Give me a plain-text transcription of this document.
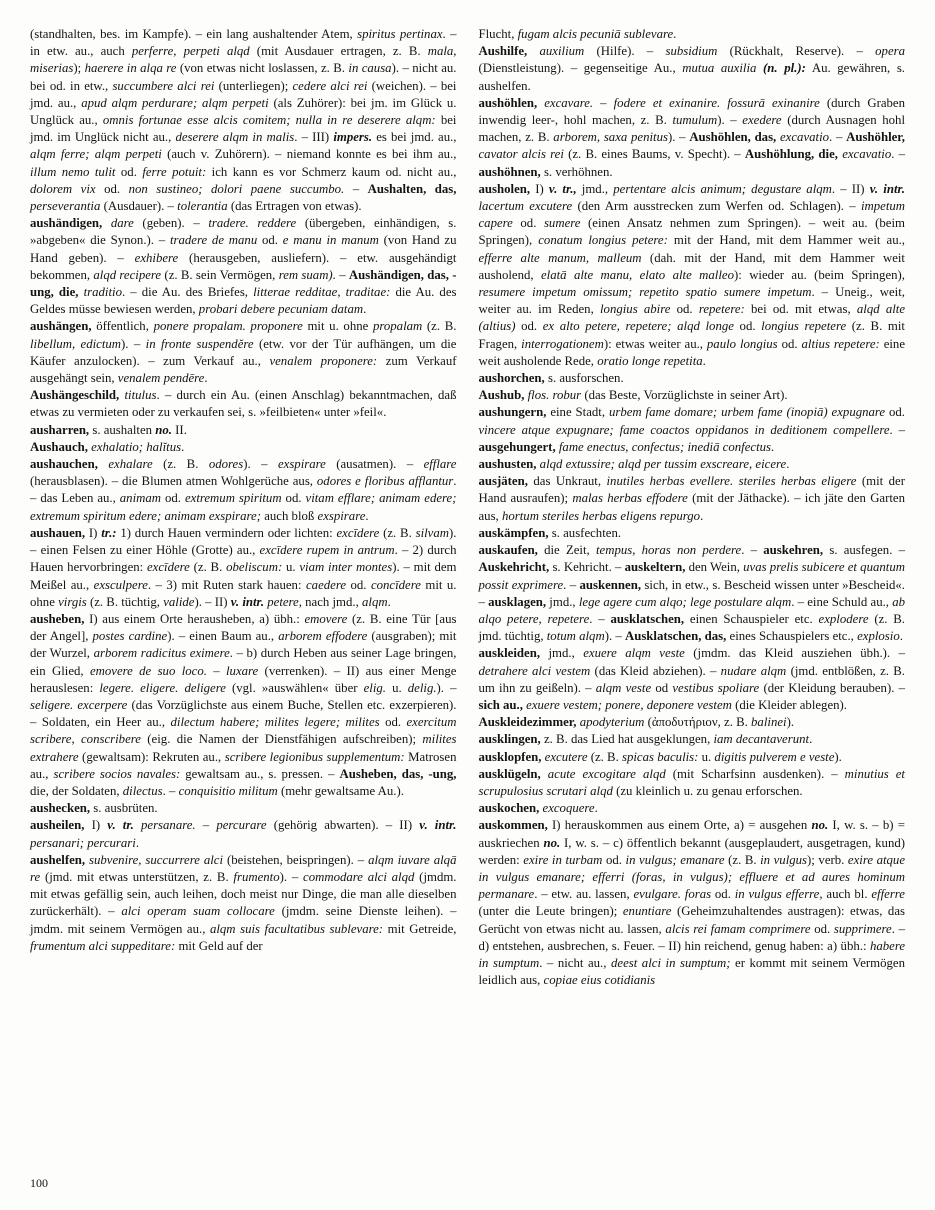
(standhalten, bes. im Kampfe). – ein lang aushaltender Atem, spiritus pertinax. – in etw. au., auch perferre, perpeti alqd (mit Ausdauer ertragen, z. B. mala, miserias); haerere in alqa re (von etwas nicht loslassen, z. B. in causa). – nicht au. bei od. in etw., succumbere alci rei (unterliegen); cedere alci rei (weichen). – bei jmd. au., apud alqm perdurare; alqm perpeti (als Zuhörer): bei jm. im Glück u. Unglück au., omnis fortunae esse alcis comitem; nulla in re deserere alqm: bei jmd. im Unglück nicht au., deserere alqm in malis. – III) impers. es bei jmd. au., alqm ferre; alqm perpeti (auch v. Zuhörern). – niemand konnte es bei ihm au., illum nemo tulit od. ferre potuit: ich kann es vor Schmerz kaum od. nicht au., dolorem vix od. non sustineo; dolori paene succumbo. – Aushalten, das, perseverantia (Ausdauer). – tolerantia (das Ertragen von etwas).

aushändigen, dare (geben). – tradere. reddere (übergeben, einhändigen, s. »abgeben« die Synon.). – tradere de manu od. e manu in manum (von Hand zu Hand geben). – exhibere (herausgeben, ausliefern). – etw. ausgehändigt bekommen, alqd recipere (z. B. sein Vermögen, rem suam). – Aushändigen, das, -ung, die, traditio. – die Au. des Briefes, litterae redditae, traditae: die Au. des Geldes müsse bewiesen werden, probari debere pecuniam datam.

aushängen, öffentlich, ponere propalam. proponere mit u. ohne propalam (z. B. libellum, edictum). – in fronte suspendĕre (etw. vor der Tür aufhängen, um die Käufer anzulocken). – zum Verkauf au., venalem proponere: zum Verkauf ausgehängt sein, venalem pendēre.

Aushängeschild, titulus. – durch ein Au. (einen Anschlag) bekanntmachen, daß etwas zu vermieten oder zu verkaufen sei, s. »feilbieten« unter »feil«.

ausharren, s. aushalten no. II.

Aushauch, exhalatio; halĭtus.

aushauchen, exhalare (z. B. odores). – exspirare (ausatmen). – efflare (herausblasen). – die Blumen atmen Wohlgerüche aus, odores e floribus afflantur. – das Leben au., animam od. extremum spiritum od. vitam efflare; animam edere; extremum spiritum edere; animam exspirare; auch bloß exspirare.

aushauen, I) tr.: 1) durch Hauen vermindern oder lichten: excīdere (z. B. silvam). – einen Felsen zu einer Höhle (Grotte) au., excīdere rupem in antrum. – 2) durch Hauen hervorbringen: excīdere (z. B. obeliscum: u. viam inter montes). – mit dem Meißel au., exsculpere. – 3) mit Ruten stark hauen: caedere od. concīdere mit u. ohne virgis (z. B. tüchtig, valide). – II) v. intr. petere, nach jmd., alqm.

ausheben, I) aus einem Orte herausheben, a) übh.: emovere (z. B. eine Tür [aus der Angel], postes cardine). – einen Baum au., arborem effodere (ausgraben); mit der Wurzel, arborem radicitus eximere. – b) durch Heben aus seiner Lage bringen, ein Glied, emovere de suo loco. – luxare (verrenken). – II) aus einer Menge herauslesen: legere. eligere. deligere (vgl. »auswählen« über elig. u. delig.). – seligere. excerpere (das Vorzüglichste aus einem Buche, Stellen etc. exzerpieren). – Soldaten, ein Heer au., dilectum habere; milites legere; milites od. exercitum scribere, conscribere (eig. die Namen der Dienstfähigen aufschreiben); milites extrahere (gewaltsam): Rekruten au., scribere legionibus supplementum: Matrosen au., scribere socios navales: gewaltsam au., s. pressen. – Ausheben, das, -ung, die, der Soldaten, dilectus. – conquisitio militum (mehr gewaltsame Au.).

aushecken, s. ausbrüten.

ausheilen, I) v. tr. persanare. – percurare (gehörig abwarten). – II) v. intr. persanari; percurari.

aushelfen, subvenire, succurrere alci (beistehen, beispringen). – alqm iuvare alqā re (jmd. mit etwas unterstützen, z. B. frumento). – commodare alci alqd (jmdm. mit etwas gefällig sein, auch leihen, doch meist nur Dinge, die man alle dieselben zurückerhält). – alci operam suam collocare (jmdm. seine Dienste leihen). – jmdm. mit seinem Vermögen au., alqm suis facultatibus sublevare: mit Getreide, frumentum alci suppeditare: mit Geld auf der

Flucht, fugam alcis pecuniā sublevare.

Aushilfe, auxilium (Hilfe). – subsidium (Rückhalt, Reserve). – opera (Dienstleistung). – gegenseitige Au., mutua auxilia (n. pl.): Au. gewähren, s. aushelfen.

aushöhlen, excavare. – fodere et exinanire. fossurā exinanire (durch Graben inwendig leer-, hohl machen, z. B. tumulum). – exedere (durch Ausnagen hohl machen, z. B. arborem, saxa penitus). – Aushöhlen, das, excavatio. – Aushöhler, cavator alcis rei (z. B. eines Baums, v. Specht). – Aushöhlung, die, excavatio. – aushöhnen, s. verhöhnen.

ausholen, I) v. tr., jmd., pertentare alcis animum; degustare alqm. – II) v. intr. lacertum excutere (den Arm ausstrecken zum Werfen od. Schlagen). – impetum capere od. sumere (einen Ansatz nehmen zum Springen). – weit au. (beim Springen), conatum longius petere: mit der Hand, mit dem Hammer weit au., efferre alte manum, malleum (dah. mit der Hand, mit dem Hammer weit ausholend, elatā alte manu, elato alte malleo): wieder au. (beim Springen), resumere impetum omissum; repetito spatio sumere impetum. – Uneig., weit, weiter au. im Reden, longius abire od. repetere: bei od. mit etwas, alqd alte (altius) od. ex alto petere, repetere; alqd longe od. longius repetere (z. B. mit Fragen, interrogationem): etwas weiter au., paulo longius od. altius repetere: eine weit ausholende Rede, oratio longe repetita.

aushorchen, s. ausforschen.

Aushub, flos. robur (das Beste, Vorzüglichste in seiner Art).

aushungern, eine Stadt, urbem fame domare; urbem fame (inopiā) expugnare od. vincere atque expugnare; fame coactos oppidanos in deditionem compellere. – ausgehungert, fame enectus, confectus; inediā confectus.

aushusten, alqd extussire; alqd per tussim exscreare, eicere.

ausjäten, das Unkraut, inutiles herbas evellere. steriles herbas eligere (mit der Hand ausraufen); malas herbas effodere (mit der Jäthacke). – ich jäte den Garten aus, hortum steriles herbas eligens repurgo.

auskämpfen, s. ausfechten.

auskaufen, die Zeit, tempus, horas non perdere. – auskehren, s. ausfegen. – Auskehricht, s. Kehricht. – auskeltern, den Wein, uvas prelis subicere et quantum possit exprimere. – auskennen, sich, in etw., s. Bescheid wissen unter »Bescheid«. – ausklagen, jmd., lege agere cum alqo; lege postulare alqm. – eine Schuld au., ab alqo petere, repetere. – ausklatschen, einen Schauspieler etc. explodere (z. B. jmd. tüchtig, totum alqm). – Ausklatschen, das, eines Schauspielers etc., explosio.

auskleiden, jmd., exuere alqm veste (jmdm. das Kleid ausziehen übh.). – detrahere alci vestem (das Kleid abziehen). – nudare alqm (jmd. entblößen, z. B. um ihn zu geißeln). – alqm veste od vestibus spoliare (der Kleidung berauben). – sich au., exuere vestem; ponere, deponere vestem (die Kleider ablegen).

Auskleidezimmer, apodyterium (ἀποδυτήριον, z. B. balinei).

ausklingen, z. B. das Lied hat ausgeklungen, iam decantaverunt.

ausklopfen, excutere (z. B. spicas baculis: u. digitis pulverem e veste).

ausklügeln, acute excogitare alqd (mit Scharfsinn ausdenken). – minutius et scrupulosius scrutari alqd (zu kleinlich u. zu genau erforschen.

auskochen, excoquere.

auskommen, I) herauskommen aus einem Orte, a) = ausgehen no. I, w. s. – b) = auskriechen no. I, w. s. – c) öffentlich bekannt (ausgeplaudert, ausgetragen, kund) werden: exire in turbam od. in vulgus; emanare (z. B. in vulgus); verb. exire atque in vulgus emanare; efferri (foras, in vulgus); effluere et ad aures hominum permanare. – etw. au. lassen, evulgare. foras od. in vulgus efferre, auch bl. efferre (unter die Leute bringen); enuntiare (Geheimzuhaltendes austragen): etwas, das Gerücht von etwas nicht au. lassen, alcis rei famam comprimere od. supprimere. – d) entstehen, ausbrechen, s. Feuer. – II) hin reichend, genug haben: a) übh.: habere in sumptum. – nicht au., deest alci in sumptum; er kommt mit seinem Vermögen leidlich aus, copiae eius cotidianis

100
